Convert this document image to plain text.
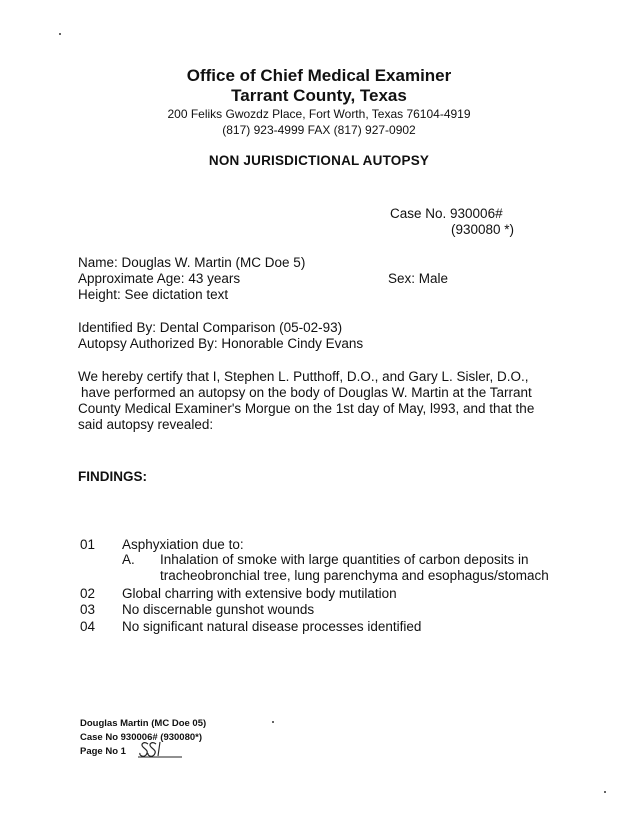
Office of Chief Medical Examiner
Tarrant County, Texas
200 Feliks Gwozdz Place, Fort Worth, Texas 76104-4919
(817) 923-4999 FAX (817) 927-0902
NON JURISDICTIONAL AUTOPSY
Case No. 930006#
(930080 *)
Name: Douglas W. Martin (MC Doe 5)
Approximate Age: 43 years	Sex: Male
Height: See dictation text
Identified By: Dental Comparison (05-02-93)
Autopsy Authorized By: Honorable Cindy Evans
We hereby certify that I, Stephen L. Putthoff, D.O., and Gary L. Sisler, D.O.,
have performed an autopsy on the body of Douglas W. Martin at the Tarrant
County Medical Examiner's Morgue on the 1st day of May, l993, and that the
said autopsy revealed:
FINDINGS:
01 Asphyxiation due to:
A. Inhalation of smoke with large quantities of carbon deposits in
tracheobronchial tree, lung parenchyma and esophagus/stomach
02 Global charring with extensive body mutilation
03 No discernable gunshot wounds
04 No significant natural disease processes identified
Douglas Martin (MC Doe 05)
Case No 930006# (930080*)
Page No 1
